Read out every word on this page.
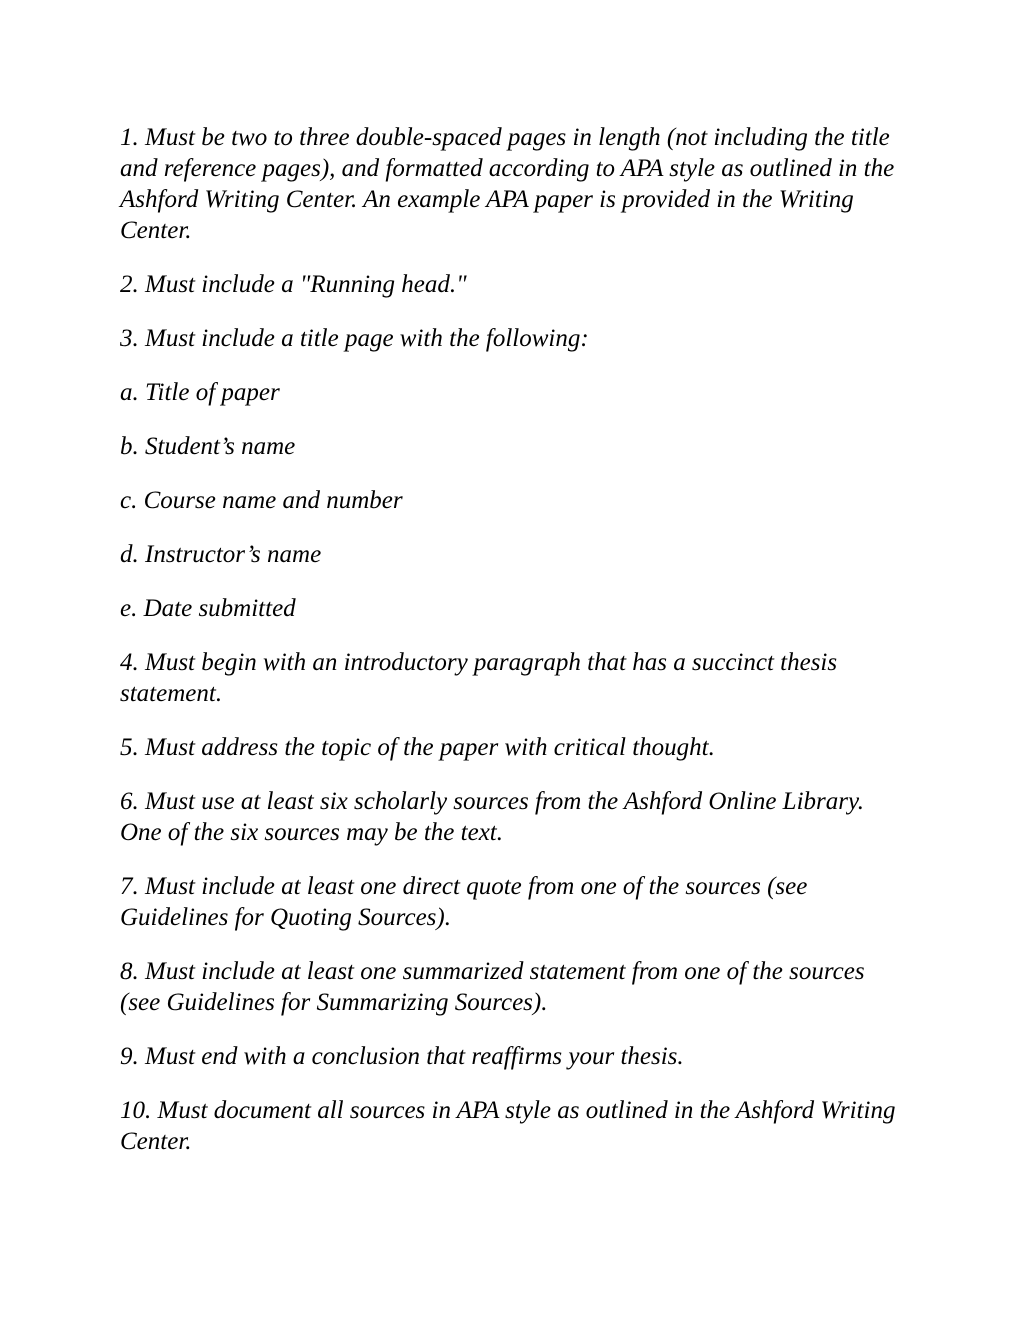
1. Must be two to three double-spaced pages in length (not including the title and reference pages), and formatted according to APA style as outlined in the Ashford Writing Center. An example APA paper is provided in the Writing Center.

2. Must include a "Running head."

3. Must include a title page with the following:

a. Title of paper

b. Student’s name

c. Course name and number

d. Instructor’s name

e. Date submitted

4. Must begin with an introductory paragraph that has a succinct thesis statement.

5. Must address the topic of the paper with critical thought.

6. Must use at least six scholarly sources from the Ashford Online Library. One of the six sources may be the text.

7. Must include at least one direct quote from one of the sources (see Guidelines for Quoting Sources).

8. Must include at least one summarized statement from one of the sources (see Guidelines for Summarizing Sources).

9. Must end with a conclusion that reaffirms your thesis.

10. Must document all sources in APA style as outlined in the Ashford Writing Center.
